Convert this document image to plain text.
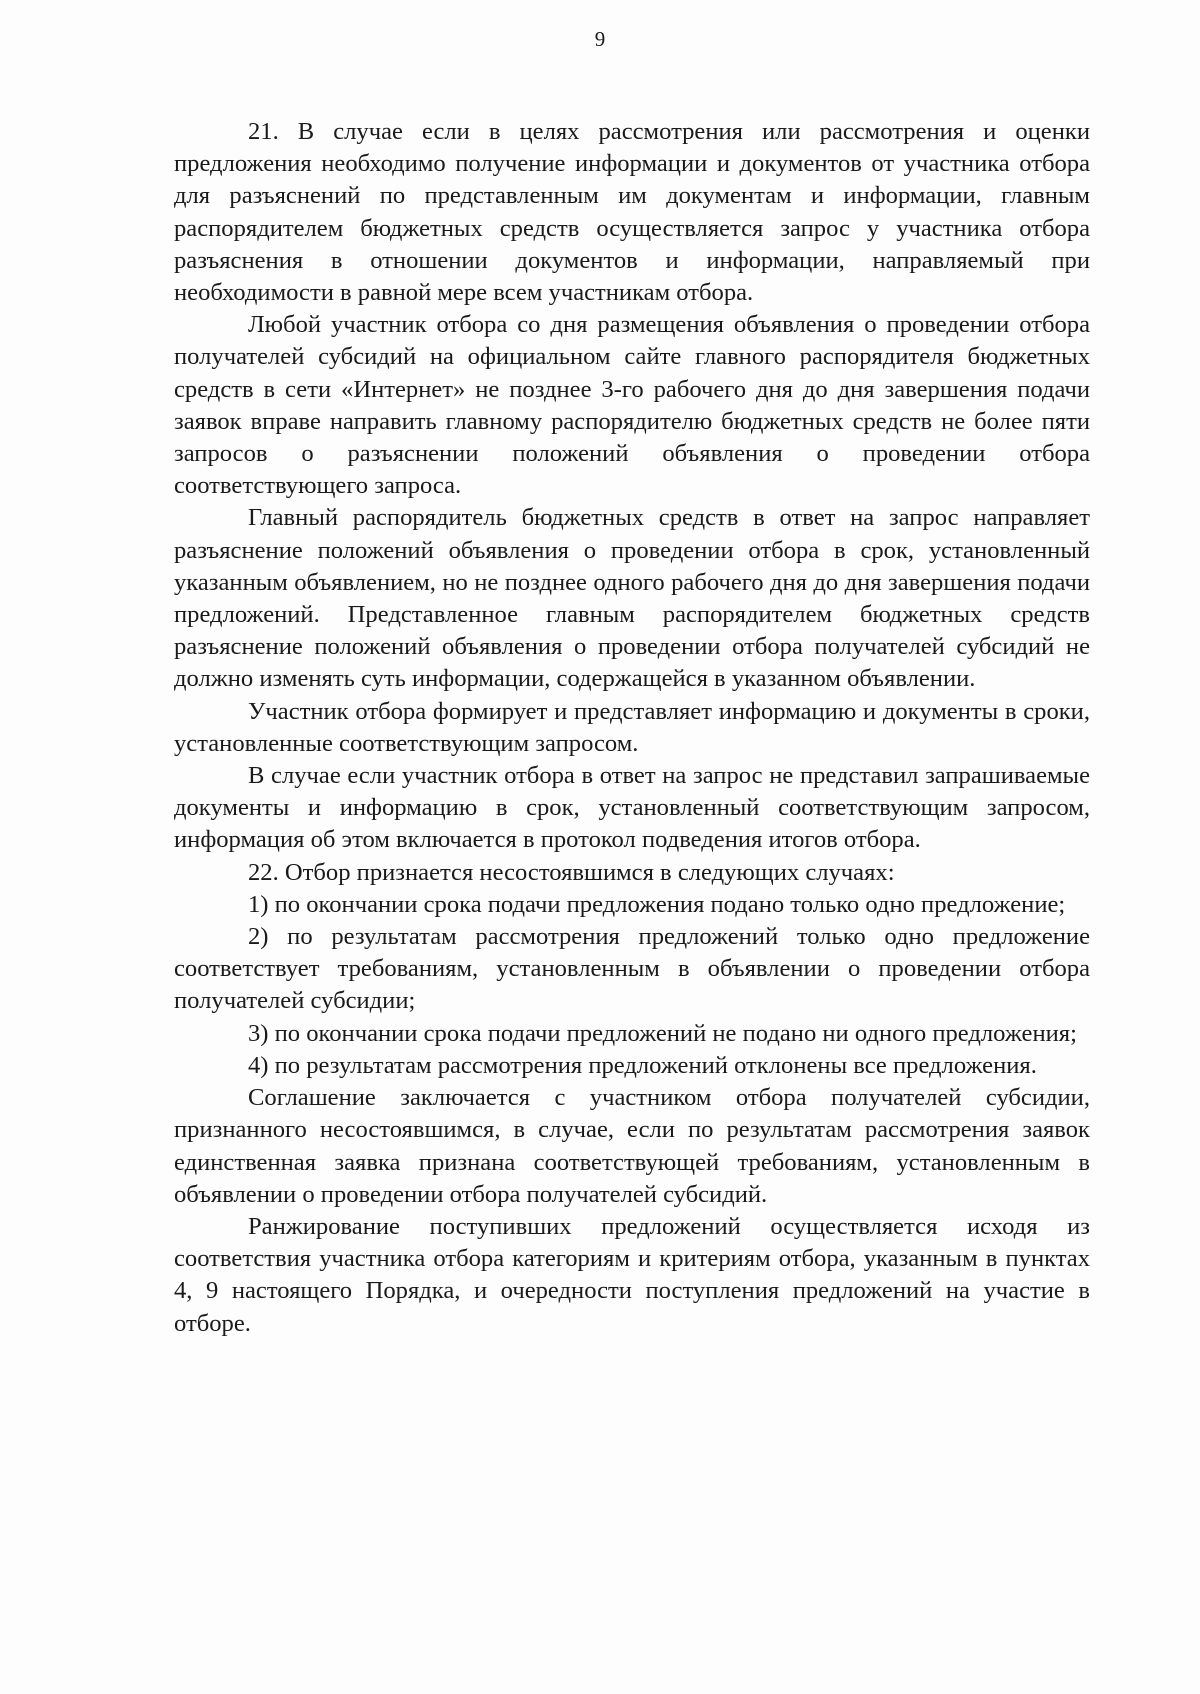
9

21. В случае если в целях рассмотрения или рассмотрения и оценки предложения необходимо получение информации и документов от участника отбора для разъяснений по представленным им документам и информации, главным распорядителем бюджетных средств осуществляется запрос у участника отбора разъяснения в отношении документов и информации, направляемый при необходимости в равной мере всем участникам отбора.

Любой участник отбора со дня размещения объявления о проведении отбора получателей субсидий на официальном сайте главного распорядителя бюджетных средств в сети «Интернет» не позднее 3-го рабочего дня до дня завершения подачи заявок вправе направить главному распорядителю бюджетных средств не более пяти запросов о разъяснении положений объявления о проведении отбора соответствующего запроса.

Главный распорядитель бюджетных средств в ответ на запрос направляет разъяснение положений объявления о проведении отбора в срок, установленный указанным объявлением, но не позднее одного рабочего дня до дня завершения подачи предложений. Представленное главным распорядителем бюджетных средств разъяснение положений объявления о проведении отбора получателей субсидий не должно изменять суть информации, содержащейся в указанном объявлении.

Участник отбора формирует и представляет информацию и документы в сроки, установленные соответствующим запросом.

В случае если участник отбора в ответ на запрос не представил запрашиваемые документы и информацию в срок, установленный соответствующим запросом, информация об этом включается в протокол подведения итогов отбора.

22. Отбор признается несостоявшимся в следующих случаях:

1) по окончании срока подачи предложения подано только одно предложение;

2) по результатам рассмотрения предложений только одно предложение соответствует требованиям, установленным в объявлении о проведении отбора получателей субсидии;

3) по окончании срока подачи предложений не подано ни одного предложения;

4) по результатам рассмотрения предложений отклонены все предложения.

Соглашение заключается с участником отбора получателей субсидии, признанного несостоявшимся, в случае, если по результатам рассмотрения заявок единственная заявка признана соответствующей требованиям, установленным в объявлении о проведении отбора получателей субсидий.

Ранжирование поступивших предложений осуществляется исходя из соответствия участника отбора категориям и критериям отбора, указанным в пунктах 4, 9 настоящего Порядка, и очередности поступления предложений на участие в отборе.
